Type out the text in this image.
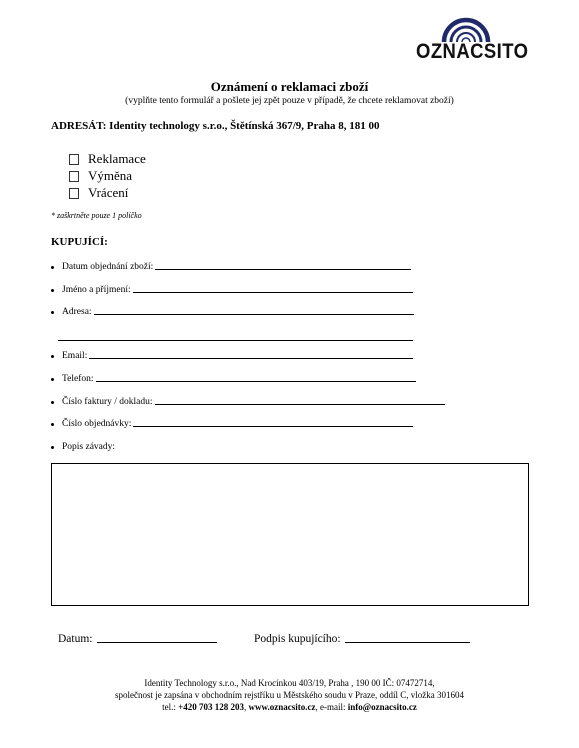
OZNACSITO
Oznámení o reklamaci zboží
(vyplňte tento formulář a pošlete jej zpět pouze v případě, že chcete reklamovat zboží)
ADRESÁT: Identity technology s.r.o., Štětínská 367/9, Praha 8, 181 00
Reklamace
Výměna
Vrácení
* zaškrtněte pouze 1 políčko
KUPUJÍCÍ:
Datum objednání zboží:
Jméno a příjmení:
Adresa:
Email:
Telefon:
Číslo faktury / dokladu:
Číslo objednávky:
Popis závady:
Datum:	Podpis kupujícího:
Identity Technology s.r.o., Nad Krocínkou 403/19, Praha , 190 00 IČ: 07472714,
společnost je zapsána v obchodním rejstříku u Městského soudu v Praze, oddíl C, vložka 301604
tel.: +420 703 128 203, www.oznacsito.cz, e-mail: info@oznacsito.cz
